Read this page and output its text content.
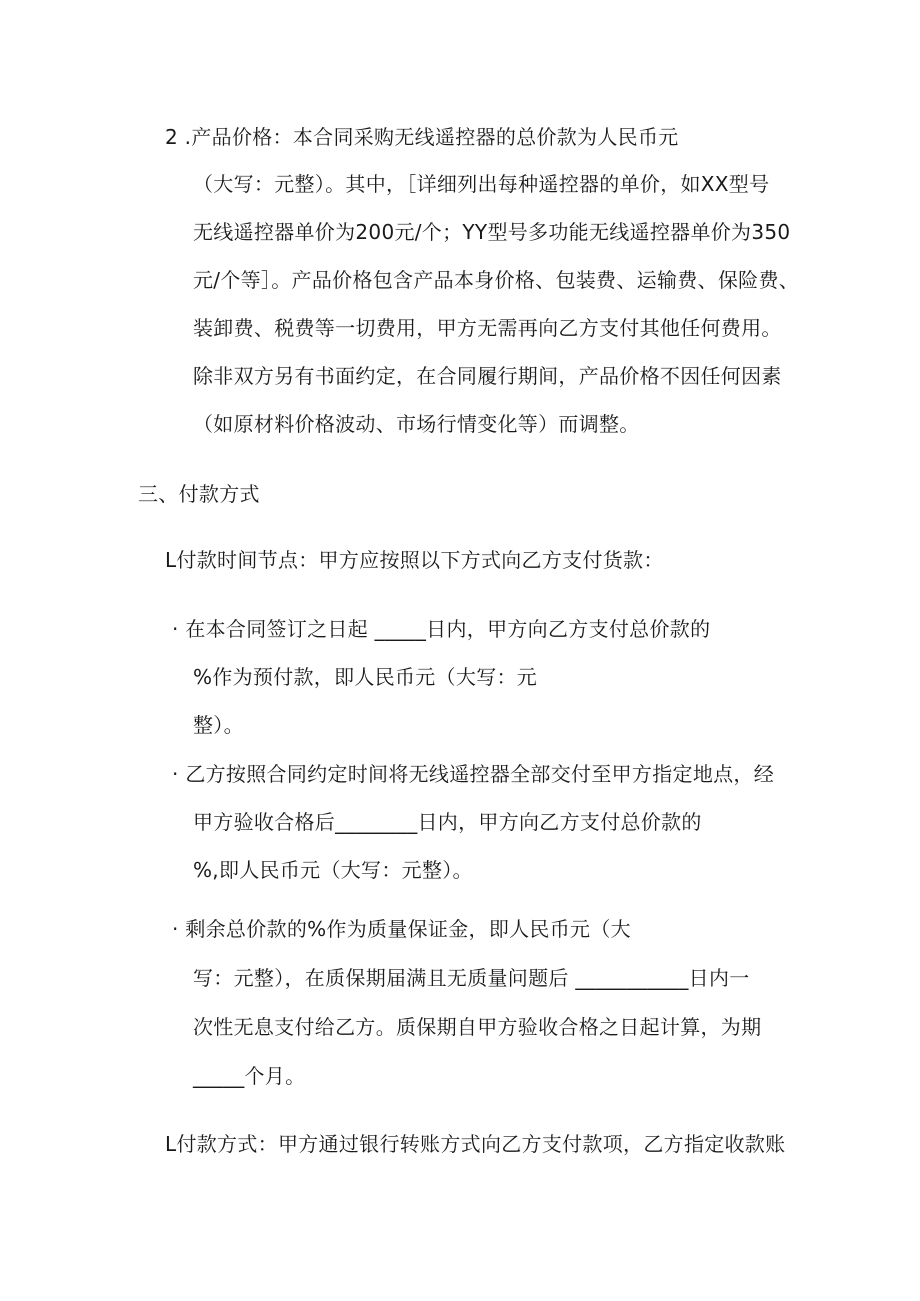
2 .产品价格：本合同采购无线遥控器的总价款为人民币元
（大写：元整）。其中，［详细列出每种遥控器的单价，如XX型号
无线遥控器单价为200元/个；YY型号多功能无线遥控器单价为350
元/个等］。产品价格包含产品本身价格、包装费、运输费、保险费、
装卸费、税费等一切费用，甲方无需再向乙方支付其他任何费用。
除非双方另有书面约定，在合同履行期间，产品价格不因任何因素
（如原材料价格波动、市场行情变化等）而调整。
三、付款方式
L付款时间节点：甲方应按照以下方式向乙方支付货款：
· 在本合同签订之日起 _____日内，甲方向乙方支付总价款的
%作为预付款，即人民币元（大写：元
整）。
· 乙方按照合同约定时间将无线遥控器全部交付至甲方指定地点，经
甲方验收合格后________日内，甲方向乙方支付总价款的
%,即人民币元（大写：元整）。
· 剩余总价款的%作为质量保证金，即人民币元（大
写：元整），在质保期届满且无质量问题后 ___________日内一
次性无息支付给乙方。质保期自甲方验收合格之日起计算，为期
_____个月。
L付款方式：甲方通过银行转账方式向乙方支付款项，乙方指定收款账
